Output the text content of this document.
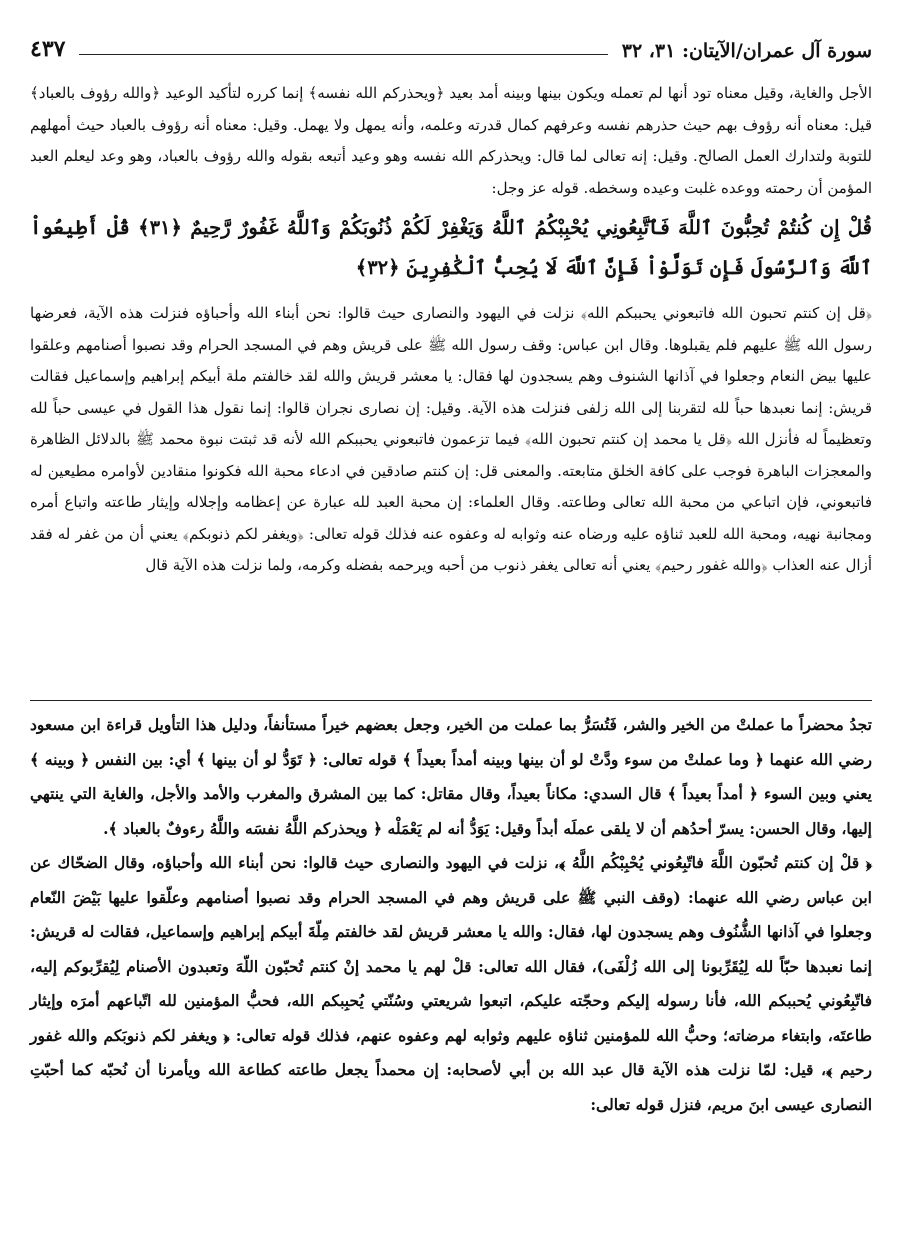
سورة آل عمران/الآيتان: ٣١، ٣٢
٤٣٧

الأجل والغاية، وقيل معناه تود أنها لم تعمله ويكون بينها وبينه أمد بعيد ﴿ويحذركم الله نفسه﴾ إنما كرره لتأكيد الوعيد ﴿والله رؤوف بالعباد﴾ قيل: معناه أنه رؤوف بهم حيث حذرهم نفسه وعرفهم كمال قدرته وعلمه، وأنه يمهل ولا يهمل. وقيل: معناه أنه رؤوف بالعباد حيث أمهلهم للتوبة ولتدارك العمل الصالح. وقيل: إنه تعالى لما قال: ويحذركم الله نفسه وهو وعيد أتبعه بقوله والله رؤوف بالعباد، وهو وعد ليعلم العبد المؤمن أن رحمته ووعده غلبت وعيده وسخطه. قوله عز وجل:

قُلْ إِن كُنتُمْ تُحِبُّونَ ٱللَّهَ فَٱتَّبِعُونِي يُحْبِبْكُمُ ٱللَّهُ وَيَغْفِرْ لَكُمْ ذُنُوبَكُمْ وَٱللَّهُ غَفُورٌ رَّحِيمٌ ﴿٣١﴾ قُلْ أَطِيعُواْ ٱللَّهَ وَٱلرَّسُولَ فَإِن تَوَلَّوْاْ فَإِنَّ ٱللَّهَ لَا يُحِبُّ ٱلْكَٰفِرِينَ ﴿٣٢﴾

﴿قل إن كنتم تحبون الله فاتبعوني يحببكم الله﴾ نزلت في اليهود والنصارى حيث قالوا: نحن أبناء الله وأحباؤه فنزلت هذه الآية، فعرضها رسول الله ﷺ عليهم فلم يقبلوها. وقال ابن عباس: وقف رسول الله ﷺ على قريش وهم في المسجد الحرام وقد نصبوا أصنامهم وعلقوا عليها بيض النعام وجعلوا في آذانها الشنوف وهم يسجدون لها فقال: يا معشر قريش والله لقد خالفتم ملة أبيكم إبراهيم وإسماعيل فقالت قريش: إنما نعبدها حباً لله لتقربنا إلى الله زلفى فنزلت هذه الآية. وقيل: إن نصارى نجران قالوا: إنما نقول هذا القول في عيسى حباً لله وتعظيماً له فأنزل الله ﴿قل يا محمد إن كنتم تحبون الله﴾ فيما تزعمون فاتبعوني يحببكم الله لأنه قد ثبتت نبوة محمد ﷺ بالدلائل الظاهرة والمعجزات الباهرة فوجب على كافة الخلق متابعته. والمعنى قل: إن كنتم صادقين في ادعاء محبة الله فكونوا منقادين لأوامره مطيعين له فاتبعوني، فإن اتباعي من محبة الله تعالى وطاعته. وقال العلماء: إن محبة العبد لله عبارة عن إعظامه وإجلاله وإيثار طاعته واتباع أمره ومجانبة نهيه، ومحبة الله للعبد ثناؤه عليه ورضاه عنه وثوابه له وعفوه عنه فذلك قوله تعالى: ﴿ويغفر لكم ذنوبكم﴾ يعني أن من غفر له فقد أزال عنه العذاب ﴿والله غفور رحيم﴾ يعني أنه تعالى يغفر ذنوب من أحبه ويرحمه بفضله وكرمه، ولما نزلت هذه الآية قال

تجدُ محضراً ما عملتْ من الخير والشر، فَتُسَرُّ بما عملت من الخير، وجعل بعضهم خيراً مستأنفاً، ودليل هذا التأويل قراءة ابن مسعود رضي الله عنهما ﴿ وما عملتْ من سوء ودَّتْ لو أن بينها وبينه أمداً بعيداً ﴾ قوله تعالى: ﴿ تَوَدُّ لو أن بينها ﴾ أي: بين النفس ﴿ وبينه ﴾ يعني وبين السوء ﴿ أمداً بعيداً ﴾ قال السدي: مكاناً بعيداً، وقال مقاتل: كما بين المشرق والمغرب والأمد والأجل، والغاية التي ينتهي إليها، وقال الحسن: يسرّ أحدُهم أن لا يلقى عملَه أبداً وقيل: يَوَدُّ أنه لم يَعْمَلْه ﴿ ويحذركم اللَّهُ نفسَه واللَّهُ رءوفٌ بالعباد ﴾.

﴿ قلْ إن كنتم تُحبّون اللَّهَ فاتّبِعُوني يُحْبِبْكُم اللَّهُ ﴾، نزلت في اليهود والنصارى حيث قالوا: نحن أبناء الله وأحباؤه، وقال الضحّاك عن ابن عباس رضي الله عنهما: (وقف النبي ﷺ على قريش وهم في المسجد الحرام وقد نصبوا أصنامهم وعلّقوا عليها بَيْضَ النّعام وجعلوا في آذانها الشُّنُوف وهم يسجدون لها، فقال: والله يا معشر قريش لقد خالفتم مِلّةَ أبيكم إبراهيم وإسماعيل، فقالت له قريش: إنما نعبدها حبّاً لله لِيُقَرِّبونا إلى الله زُلْفَى)، فقال الله تعالى: قلْ لهم يا محمد إنْ كنتم تُحبّون اللّهَ وتعبدون الأصنام لِيُقرِّبوكم إليه، فاتّبِعُوني يُحببكم الله، فأنا رسوله إليكم وحجّته عليكم، اتبعوا شريعتي وسُنّتي يُحبِبكم الله، فحبُّ المؤمنين لله اتّباعهم أمرَه وإيثار طاعتَه، وابتغاء مرضاته؛ وحبُّ الله للمؤمنين ثناؤه عليهم وثوابه لهم وعفوه عنهم، فذلك قوله تعالى: ﴿ ويغفر لكم ذنوبَكم والله غفور رحيم ﴾، قيل: لمّا نزلت هذه الآية قال عبد الله بن أبي لأصحابه: إن محمداً يجعل طاعته كطاعة الله ويأمرنا أن نُحبّه كما أحبّتِ النصارى عيسى ابنَ مريم، فنزل قوله تعالى:
